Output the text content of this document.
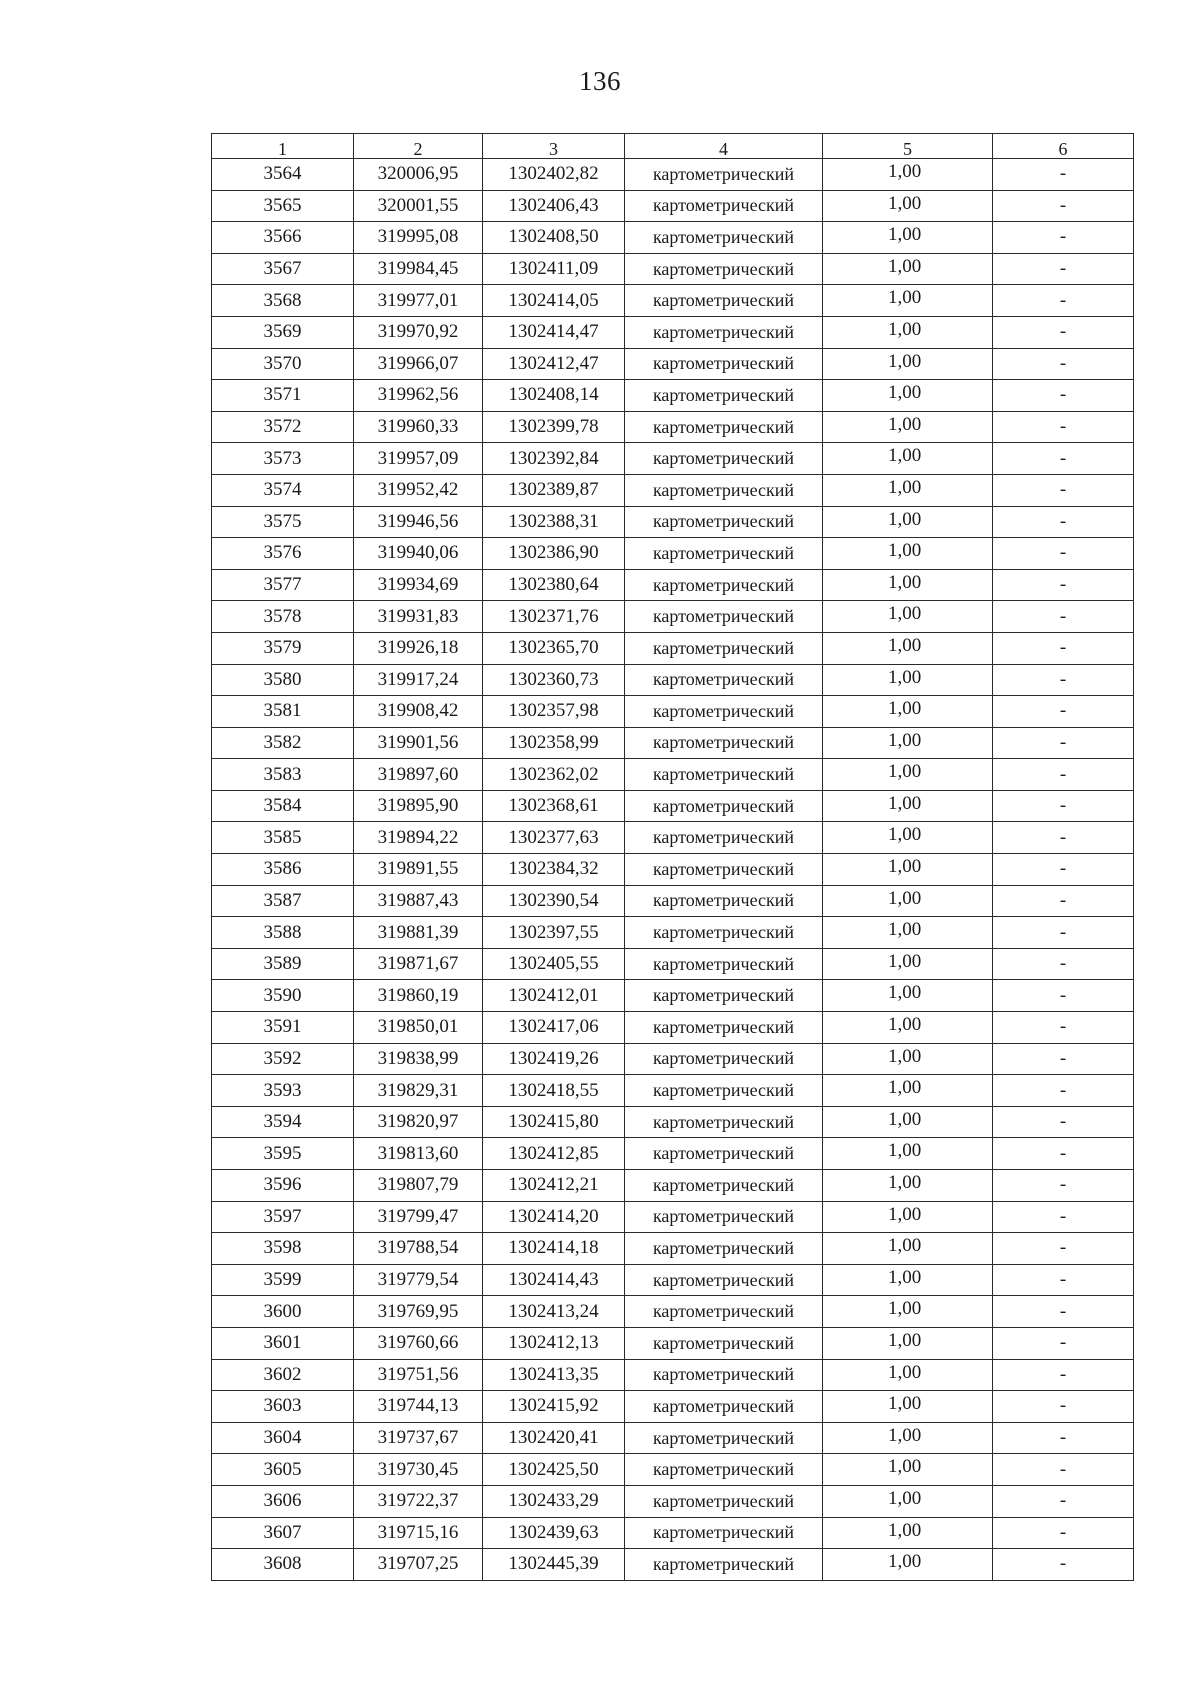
136
1	2	3	4	5	6
3564	320006,95	1302402,82	картометрический	1,00	-
3565	320001,55	1302406,43	картометрический	1,00	-
3566	319995,08	1302408,50	картометрический	1,00	-
3567	319984,45	1302411,09	картометрический	1,00	-
3568	319977,01	1302414,05	картометрический	1,00	-
3569	319970,92	1302414,47	картометрический	1,00	-
3570	319966,07	1302412,47	картометрический	1,00	-
3571	319962,56	1302408,14	картометрический	1,00	-
3572	319960,33	1302399,78	картометрический	1,00	-
3573	319957,09	1302392,84	картометрический	1,00	-
3574	319952,42	1302389,87	картометрический	1,00	-
3575	319946,56	1302388,31	картометрический	1,00	-
3576	319940,06	1302386,90	картометрический	1,00	-
3577	319934,69	1302380,64	картометрический	1,00	-
3578	319931,83	1302371,76	картометрический	1,00	-
3579	319926,18	1302365,70	картометрический	1,00	-
3580	319917,24	1302360,73	картометрический	1,00	-
3581	319908,42	1302357,98	картометрический	1,00	-
3582	319901,56	1302358,99	картометрический	1,00	-
3583	319897,60	1302362,02	картометрический	1,00	-
3584	319895,90	1302368,61	картометрический	1,00	-
3585	319894,22	1302377,63	картометрический	1,00	-
3586	319891,55	1302384,32	картометрический	1,00	-
3587	319887,43	1302390,54	картометрический	1,00	-
3588	319881,39	1302397,55	картометрический	1,00	-
3589	319871,67	1302405,55	картометрический	1,00	-
3590	319860,19	1302412,01	картометрический	1,00	-
3591	319850,01	1302417,06	картометрический	1,00	-
3592	319838,99	1302419,26	картометрический	1,00	-
3593	319829,31	1302418,55	картометрический	1,00	-
3594	319820,97	1302415,80	картометрический	1,00	-
3595	319813,60	1302412,85	картометрический	1,00	-
3596	319807,79	1302412,21	картометрический	1,00	-
3597	319799,47	1302414,20	картометрический	1,00	-
3598	319788,54	1302414,18	картометрический	1,00	-
3599	319779,54	1302414,43	картометрический	1,00	-
3600	319769,95	1302413,24	картометрический	1,00	-
3601	319760,66	1302412,13	картометрический	1,00	-
3602	319751,56	1302413,35	картометрический	1,00	-
3603	319744,13	1302415,92	картометрический	1,00	-
3604	319737,67	1302420,41	картометрический	1,00	-
3605	319730,45	1302425,50	картометрический	1,00	-
3606	319722,37	1302433,29	картометрический	1,00	-
3607	319715,16	1302439,63	картометрический	1,00	-
3608	319707,25	1302445,39	картометрический	1,00	-
